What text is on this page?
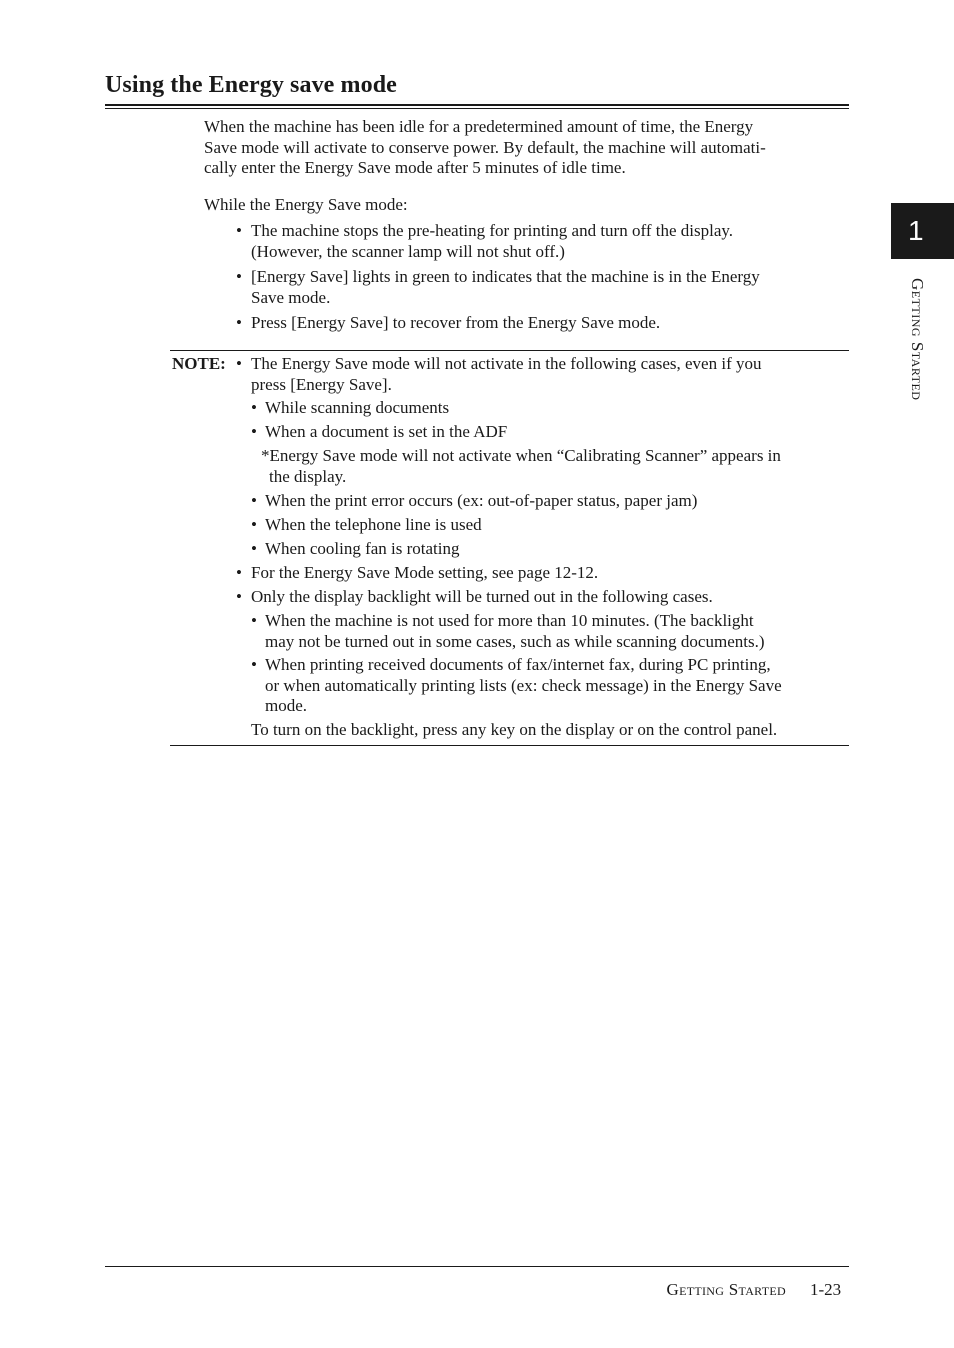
Using the Energy save mode
When the machine has been idle for a predetermined amount of time, the Energy
Save mode will activate to conserve power. By default, the machine will automati-
cally enter the Energy Save mode after 5 minutes of idle time.
While the Energy Save mode:
• The machine stops the pre-heating for printing and turn off the display.
(However, the scanner lamp will not shut off.)
• [Energy Save] lights in green to indicates that the machine is in the Energy
Save mode.
• Press [Energy Save] to recover from the Energy Save mode.
NOTE: • The Energy Save mode will not activate in the following cases, even if you
press [Energy Save].
• While scanning documents
• When a document is set in the ADF
*Energy Save mode will not activate when “Calibrating Scanner” appears in
the display.
• When the print error occurs (ex: out-of-paper status, paper jam)
• When the telephone line is used
• When cooling fan is rotating
• For the Energy Save Mode setting, see page 12-12.
• Only the display backlight will be turned out in the following cases.
• When the machine is not used for more than 10 minutes. (The backlight
may not be turned out in some cases, such as while scanning documents.)
• When printing received documents of fax/internet fax, during PC printing,
or when automatically printing lists (ex: check message) in the Energy Save
mode.
To turn on the backlight, press any key on the display or on the control panel.
1
Getting Started
Getting Started 1-23
